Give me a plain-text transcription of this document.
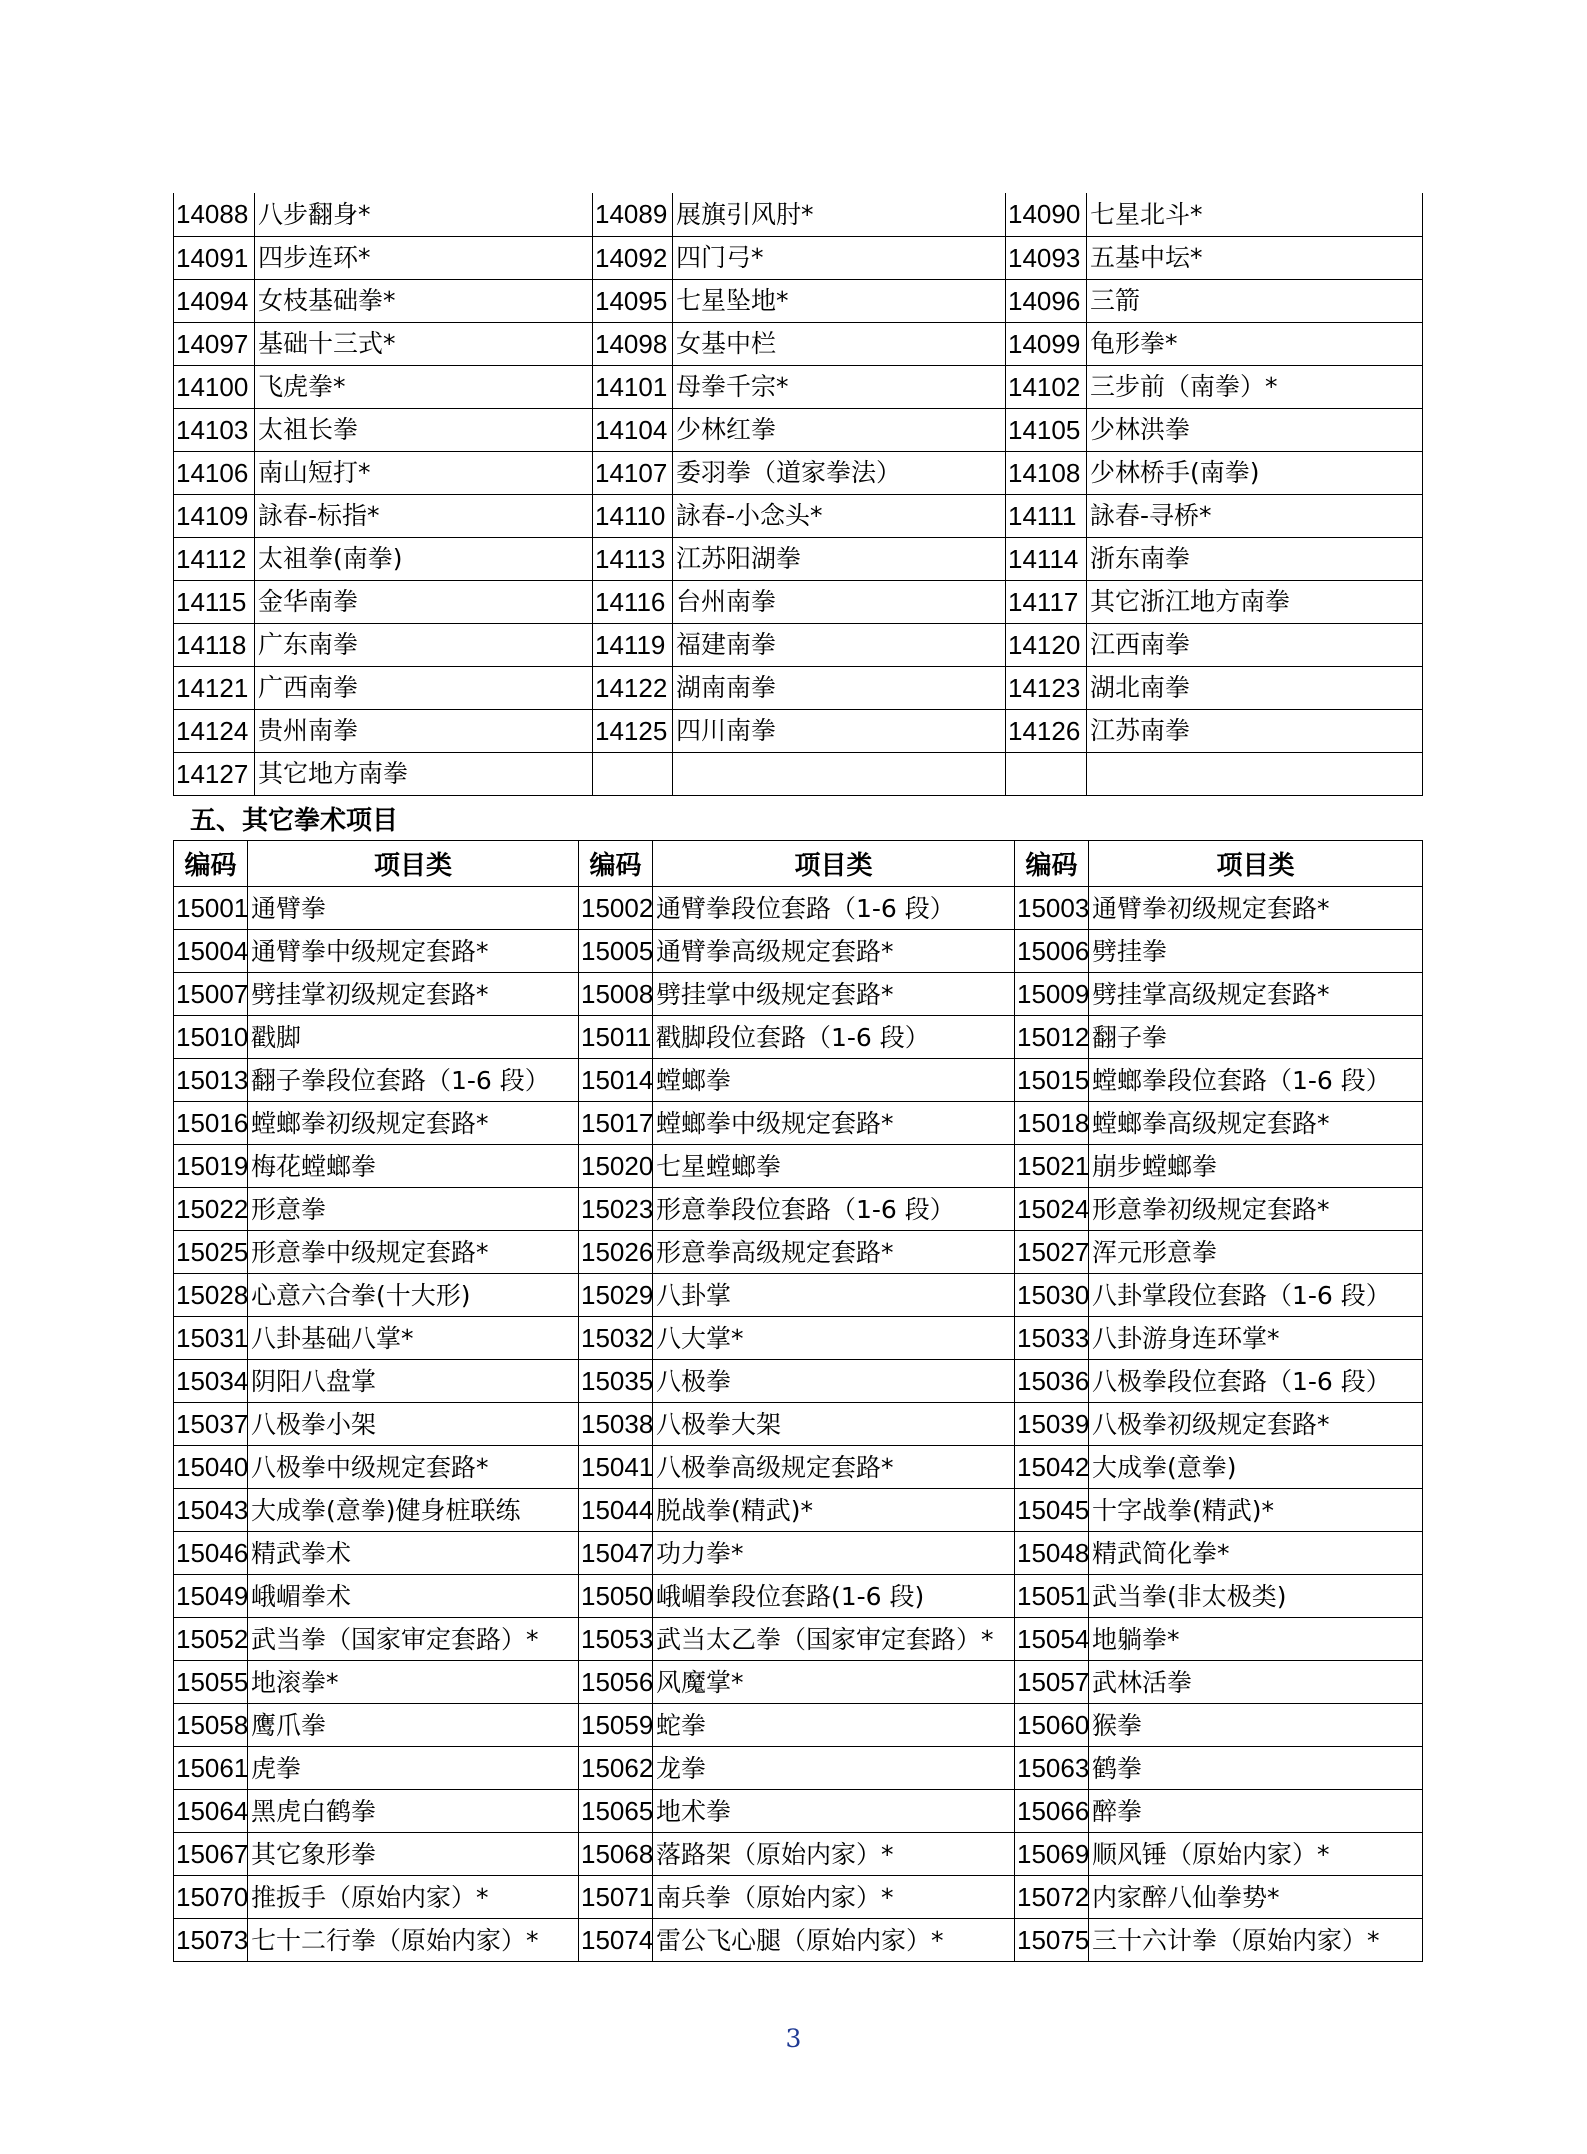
14088	八步翻身*	14089	展旗引风肘*	14090	七星北斗*
14091	四步连环*	14092	四门弓*	14093	五基中坛*
14094	女枝基础拳*	14095	七星坠地*	14096	三箭
14097	基础十三式*	14098	女基中栏	14099	龟形拳*
14100	飞虎拳*	14101	母拳千宗*	14102	三步前（南拳）*
14103	太祖长拳	14104	少林红拳	14105	少林洪拳
14106	南山短打*	14107	委羽拳（道家拳法）	14108	少林桥手(南拳)
14109	詠春-标指*	14110	詠春-小念头*	14111	詠春-寻桥*
14112	太祖拳(南拳)	14113	江苏阳湖拳	14114	浙东南拳
14115	金华南拳	14116	台州南拳	14117	其它浙江地方南拳
14118	广东南拳	14119	福建南拳	14120	江西南拳
14121	广西南拳	14122	湖南南拳	14123	湖北南拳
14124	贵州南拳	14125	四川南拳	14126	江苏南拳
14127	其它地方南拳				
五、其它拳术项目
编码	项目类	编码	项目类	编码	项目类
15001	通臂拳	15002	通臂拳段位套路（1-6 段）	15003	通臂拳初级规定套路*
15004	通臂拳中级规定套路*	15005	通臂拳高级规定套路*	15006	劈挂拳
15007	劈挂掌初级规定套路*	15008	劈挂掌中级规定套路*	15009	劈挂掌高级规定套路*
15010	戳脚	15011	戳脚段位套路（1-6 段）	15012	翻子拳
15013	翻子拳段位套路（1-6 段）	15014	螳螂拳	15015	螳螂拳段位套路（1-6 段）
15016	螳螂拳初级规定套路*	15017	螳螂拳中级规定套路*	15018	螳螂拳高级规定套路*
15019	梅花螳螂拳	15020	七星螳螂拳	15021	崩步螳螂拳
15022	形意拳	15023	形意拳段位套路（1-6 段）	15024	形意拳初级规定套路*
15025	形意拳中级规定套路*	15026	形意拳高级规定套路*	15027	浑元形意拳
15028	心意六合拳(十大形)	15029	八卦掌	15030	八卦掌段位套路（1-6 段）
15031	八卦基础八掌*	15032	八大掌*	15033	八卦游身连环掌*
15034	阴阳八盘掌	15035	八极拳	15036	八极拳段位套路（1-6 段）
15037	八极拳小架	15038	八极拳大架	15039	八极拳初级规定套路*
15040	八极拳中级规定套路*	15041	八极拳高级规定套路*	15042	大成拳(意拳)
15043	大成拳(意拳)健身桩联练	15044	脱战拳(精武)*	15045	十字战拳(精武)*
15046	精武拳术	15047	功力拳*	15048	精武简化拳*
15049	峨嵋拳术	15050	峨嵋拳段位套路(1-6 段)	15051	武当拳(非太极类)
15052	武当拳（国家审定套路）*	15053	武当太乙拳（国家审定套路）*	15054	地躺拳*
15055	地滚拳*	15056	风魔掌*	15057	武林活拳
15058	鹰爪拳	15059	蛇拳	15060	猴拳
15061	虎拳	15062	龙拳	15063	鹤拳
15064	黑虎白鹤拳	15065	地术拳	15066	醉拳
15067	其它象形拳	15068	落路架（原始内家）*	15069	顺风锤（原始内家）*
15070	推扳手（原始内家）*	15071	南兵拳（原始内家）*	15072	内家醉八仙拳势*
15073	七十二行拳（原始内家）*	15074	雷公飞心腿（原始内家）*	15075	三十六计拳（原始内家）*
3
